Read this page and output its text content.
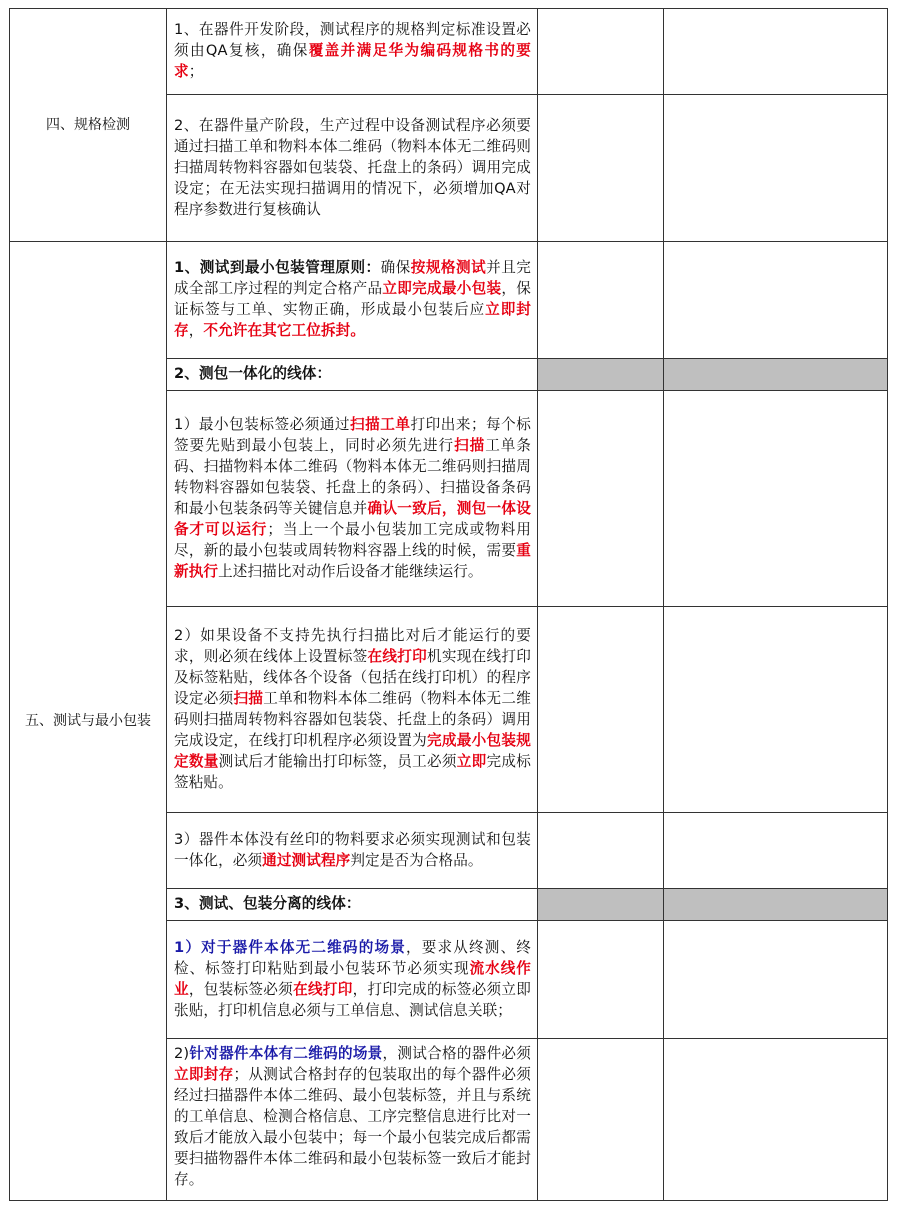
四、规格检测	1、在器件开发阶段，测试程序的规格判定标准设置必须由QA复核，确保覆盖并满足华为编码规格书的要求；		
	2、在器件量产阶段，生产过程中设备测试程序必须要通过扫描工单和物料本体二维码（物料本体无二维码则扫描周转物料容器如包装袋、托盘上的条码）调用完成设定；在无法实现扫描调用的情况下，必须增加QA对程序参数进行复核确认		
五、测试与最小包装	1、测试到最小包装管理原则：确保按规格测试并且完成全部工序过程的判定合格产品立即完成最小包装，保证标签与工单、实物正确，形成最小包装后应立即封存，不允许在其它工位拆封。		
	2、测包一体化的线体：		
	1）最小包装标签必须通过扫描工单打印出来；每个标签要先贴到最小包装上，同时必须先进行扫描工单条码、扫描物料本体二维码（物料本体无二维码则扫描周转物料容器如包装袋、托盘上的条码）、扫描设备条码和最小包装条码等关键信息并确认一致后，测包一体设备才可以运行；当上一个最小包装加工完成或物料用尽，新的最小包装或周转物料容器上线的时候，需要重新执行上述扫描比对动作后设备才能继续运行。		
	2）如果设备不支持先执行扫描比对后才能运行的要求，则必须在线体上设置标签在线打印机实现在线打印及标签粘贴，线体各个设备（包括在线打印机）的程序设定必须扫描工单和物料本体二维码（物料本体无二维码则扫描周转物料容器如包装袋、托盘上的条码）调用完成设定，在线打印机程序必须设置为完成最小包装规定数量测试后才能输出打印标签，员工必须立即完成标签粘贴。		
	3）器件本体没有丝印的物料要求必须实现测试和包装一体化，必须通过测试程序判定是否为合格品。		
	3、测试、包装分离的线体：		
	1）对于器件本体无二维码的场景，要求从终测、终检、标签打印粘贴到最小包装环节必须实现流水线作业，包装标签必须在线打印，打印完成的标签必须立即张贴，打印机信息必须与工单信息、测试信息关联；		
	2)针对器件本体有二维码的场景，测试合格的器件必须立即封存；从测试合格封存的包装取出的每个器件必须经过扫描器件本体二维码、最小包装标签，并且与系统的工单信息、检测合格信息、工序完整信息进行比对一致后才能放入最小包装中；每一个最小包装完成后都需要扫描物器件本体二维码和最小包装标签一致后才能封存。		
